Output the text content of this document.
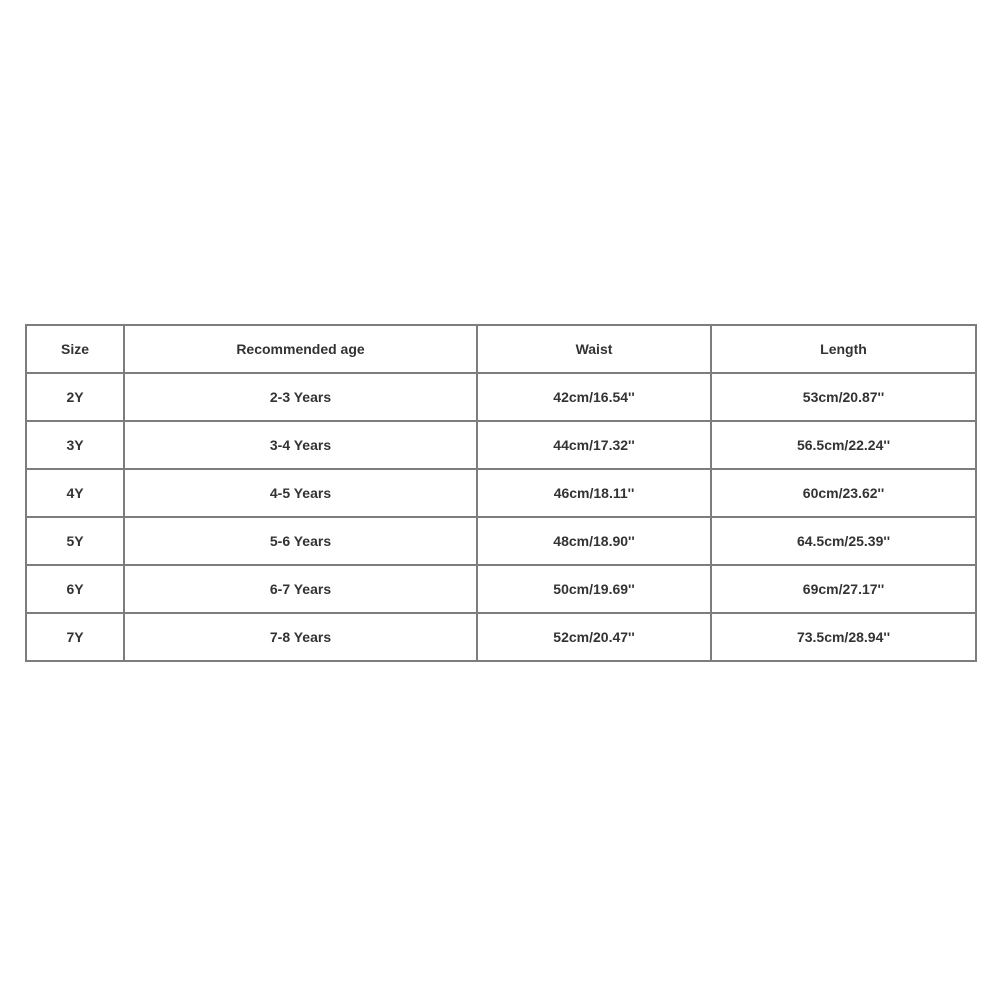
Size	Recommended age	Waist	Length
2Y	2-3 Years	42cm/16.54''	53cm/20.87''
3Y	3-4 Years	44cm/17.32''	56.5cm/22.24''
4Y	4-5 Years	46cm/18.11''	60cm/23.62''
5Y	5-6 Years	48cm/18.90''	64.5cm/25.39''
6Y	6-7 Years	50cm/19.69''	69cm/27.17''
7Y	7-8 Years	52cm/20.47''	73.5cm/28.94''
